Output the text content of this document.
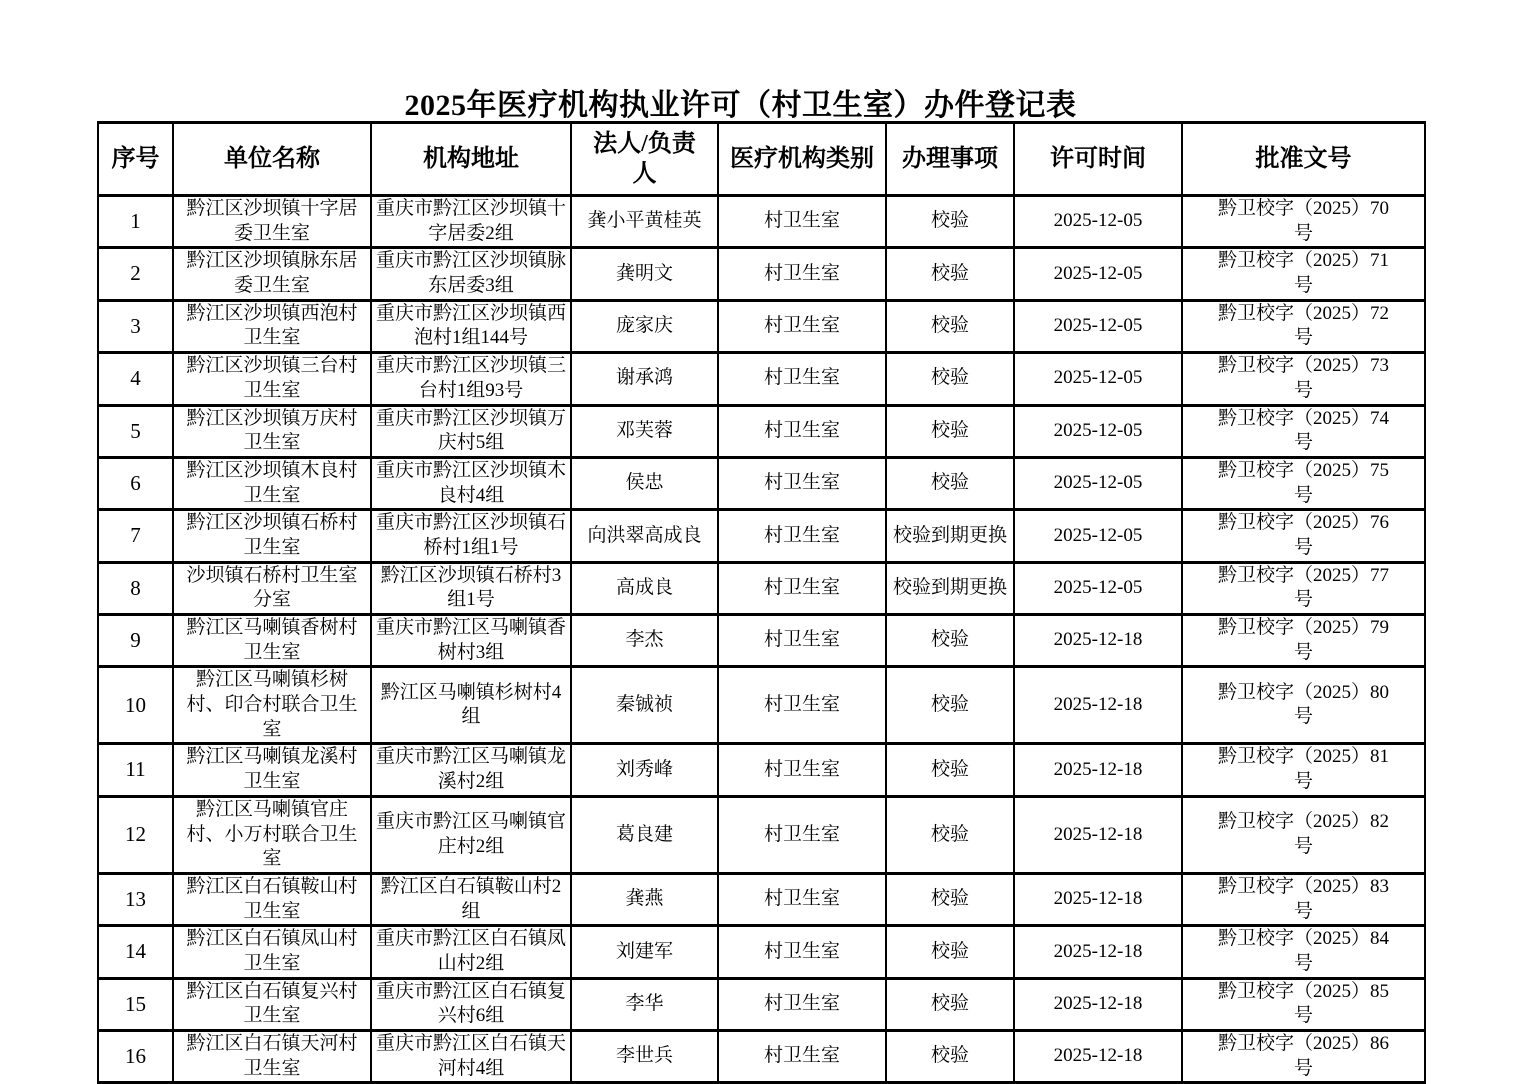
2025年医疗机构执业许可（村卫生室）办件登记表
序号	单位名称	机构地址	法人/负责人	医疗机构类别	办理事项	许可时间	批准文号
1	黔江区沙坝镇十字居委卫生室	重庆市黔江区沙坝镇十字居委2组	龚小平黄桂英	村卫生室	校验	2025-12-05	黔卫校字（2025）70号
2	黔江区沙坝镇脉东居委卫生室	重庆市黔江区沙坝镇脉东居委3组	龚明文	村卫生室	校验	2025-12-05	黔卫校字（2025）71号
3	黔江区沙坝镇西泡村卫生室	重庆市黔江区沙坝镇西泡村1组144号	庞家庆	村卫生室	校验	2025-12-05	黔卫校字（2025）72号
4	黔江区沙坝镇三台村卫生室	重庆市黔江区沙坝镇三台村1组93号	谢承鸿	村卫生室	校验	2025-12-05	黔卫校字（2025）73号
5	黔江区沙坝镇万庆村卫生室	重庆市黔江区沙坝镇万庆村5组	邓芙蓉	村卫生室	校验	2025-12-05	黔卫校字（2025）74号
6	黔江区沙坝镇木良村卫生室	重庆市黔江区沙坝镇木良村4组	侯忠	村卫生室	校验	2025-12-05	黔卫校字（2025）75号
7	黔江区沙坝镇石桥村卫生室	重庆市黔江区沙坝镇石桥村1组1号	向洪翠高成良	村卫生室	校验到期更换	2025-12-05	黔卫校字（2025）76号
8	沙坝镇石桥村卫生室分室	黔江区沙坝镇石桥村3组1号	高成良	村卫生室	校验到期更换	2025-12-05	黔卫校字（2025）77号
9	黔江区马喇镇香树村卫生室	重庆市黔江区马喇镇香树村3组	李杰	村卫生室	校验	2025-12-18	黔卫校字（2025）79号
10	黔江区马喇镇杉树村、印合村联合卫生室	黔江区马喇镇杉树村4组	秦铖祯	村卫生室	校验	2025-12-18	黔卫校字（2025）80号
11	黔江区马喇镇龙溪村卫生室	重庆市黔江区马喇镇龙溪村2组	刘秀峰	村卫生室	校验	2025-12-18	黔卫校字（2025）81号
12	黔江区马喇镇官庄村、小万村联合卫生室	重庆市黔江区马喇镇官庄村2组	葛良建	村卫生室	校验	2025-12-18	黔卫校字（2025）82号
13	黔江区白石镇鞍山村卫生室	黔江区白石镇鞍山村2组	龚燕	村卫生室	校验	2025-12-18	黔卫校字（2025）83号
14	黔江区白石镇凤山村卫生室	重庆市黔江区白石镇凤山村2组	刘建军	村卫生室	校验	2025-12-18	黔卫校字（2025）84号
15	黔江区白石镇复兴村卫生室	重庆市黔江区白石镇复兴村6组	李华	村卫生室	校验	2025-12-18	黔卫校字（2025）85号
16	黔江区白石镇天河村卫生室	重庆市黔江区白石镇天河村4组	李世兵	村卫生室	校验	2025-12-18	黔卫校字（2025）86号
